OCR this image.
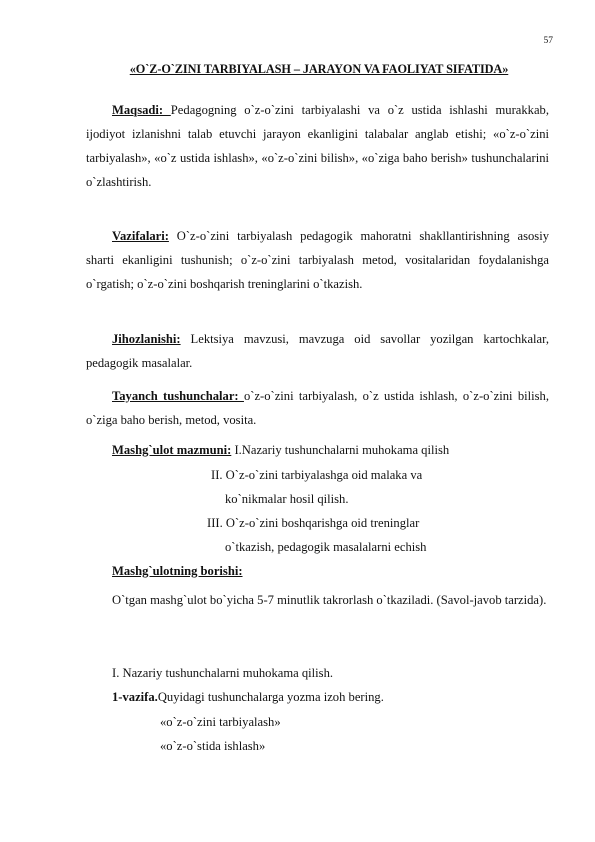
57
«O`Z-O`ZINI TARBIYALASH – JARAYON VA FAOLIYAT SIFATIDA»
Maqsadi: Pedagogning o`z-o`zini tarbiyalashi va o`z ustida ishlashi murakkab, ijodiyot izlanishni talab etuvchi jarayon ekanligini talabalar anglab etishi; «o`z-o`zini tarbiyalash», «o`z ustida ishlash», «o`z-o`zini bilish», «o`ziga baho berish» tushunchalarini o`zlashtirish.
Vazifalari: O`z-o`zini tarbiyalash pedagogik mahoratni shakllantirishning asosiy sharti ekanligini tushunish; o`z-o`zini tarbiyalash metod, vositalaridan foydalanishga o`rgatish; o`z-o`zini boshqarish treninglarini o`tkazish.
Jihozlanishi: Lektsiya mavzusi, mavzuga oid savollar yozilgan kartochkalar, pedagogik masalalar.
Tayanch tushunchalar: o`z-o`zini tarbiyalash, o`z ustida ishlash, o`z-o`zini bilish, o`ziga baho berish, metod, vosita.
Mashg`ulot mazmuni: I.Nazariy tushunchalarni muhokama qilish
II. O`z-o`zini tarbiyalashga oid malaka va
ko`nikmalar hosil qilish.
III. O`z-o`zini boshqarishga oid treninglar
o`tkazish, pedagogik masalalarni echish
Mashg`ulotning borishi:
O`tgan mashg`ulot bo`yicha 5-7 minutlik takrorlash o`tkaziladi. (Savol-javob tarzida).
I. Nazariy tushunchalarni muhokama qilish.
1-vazifa.Quyidagi tushunchalarga yozma izoh bering.
«o`z-o`zini tarbiyalash»
«o`z-o`stida ishlash»
